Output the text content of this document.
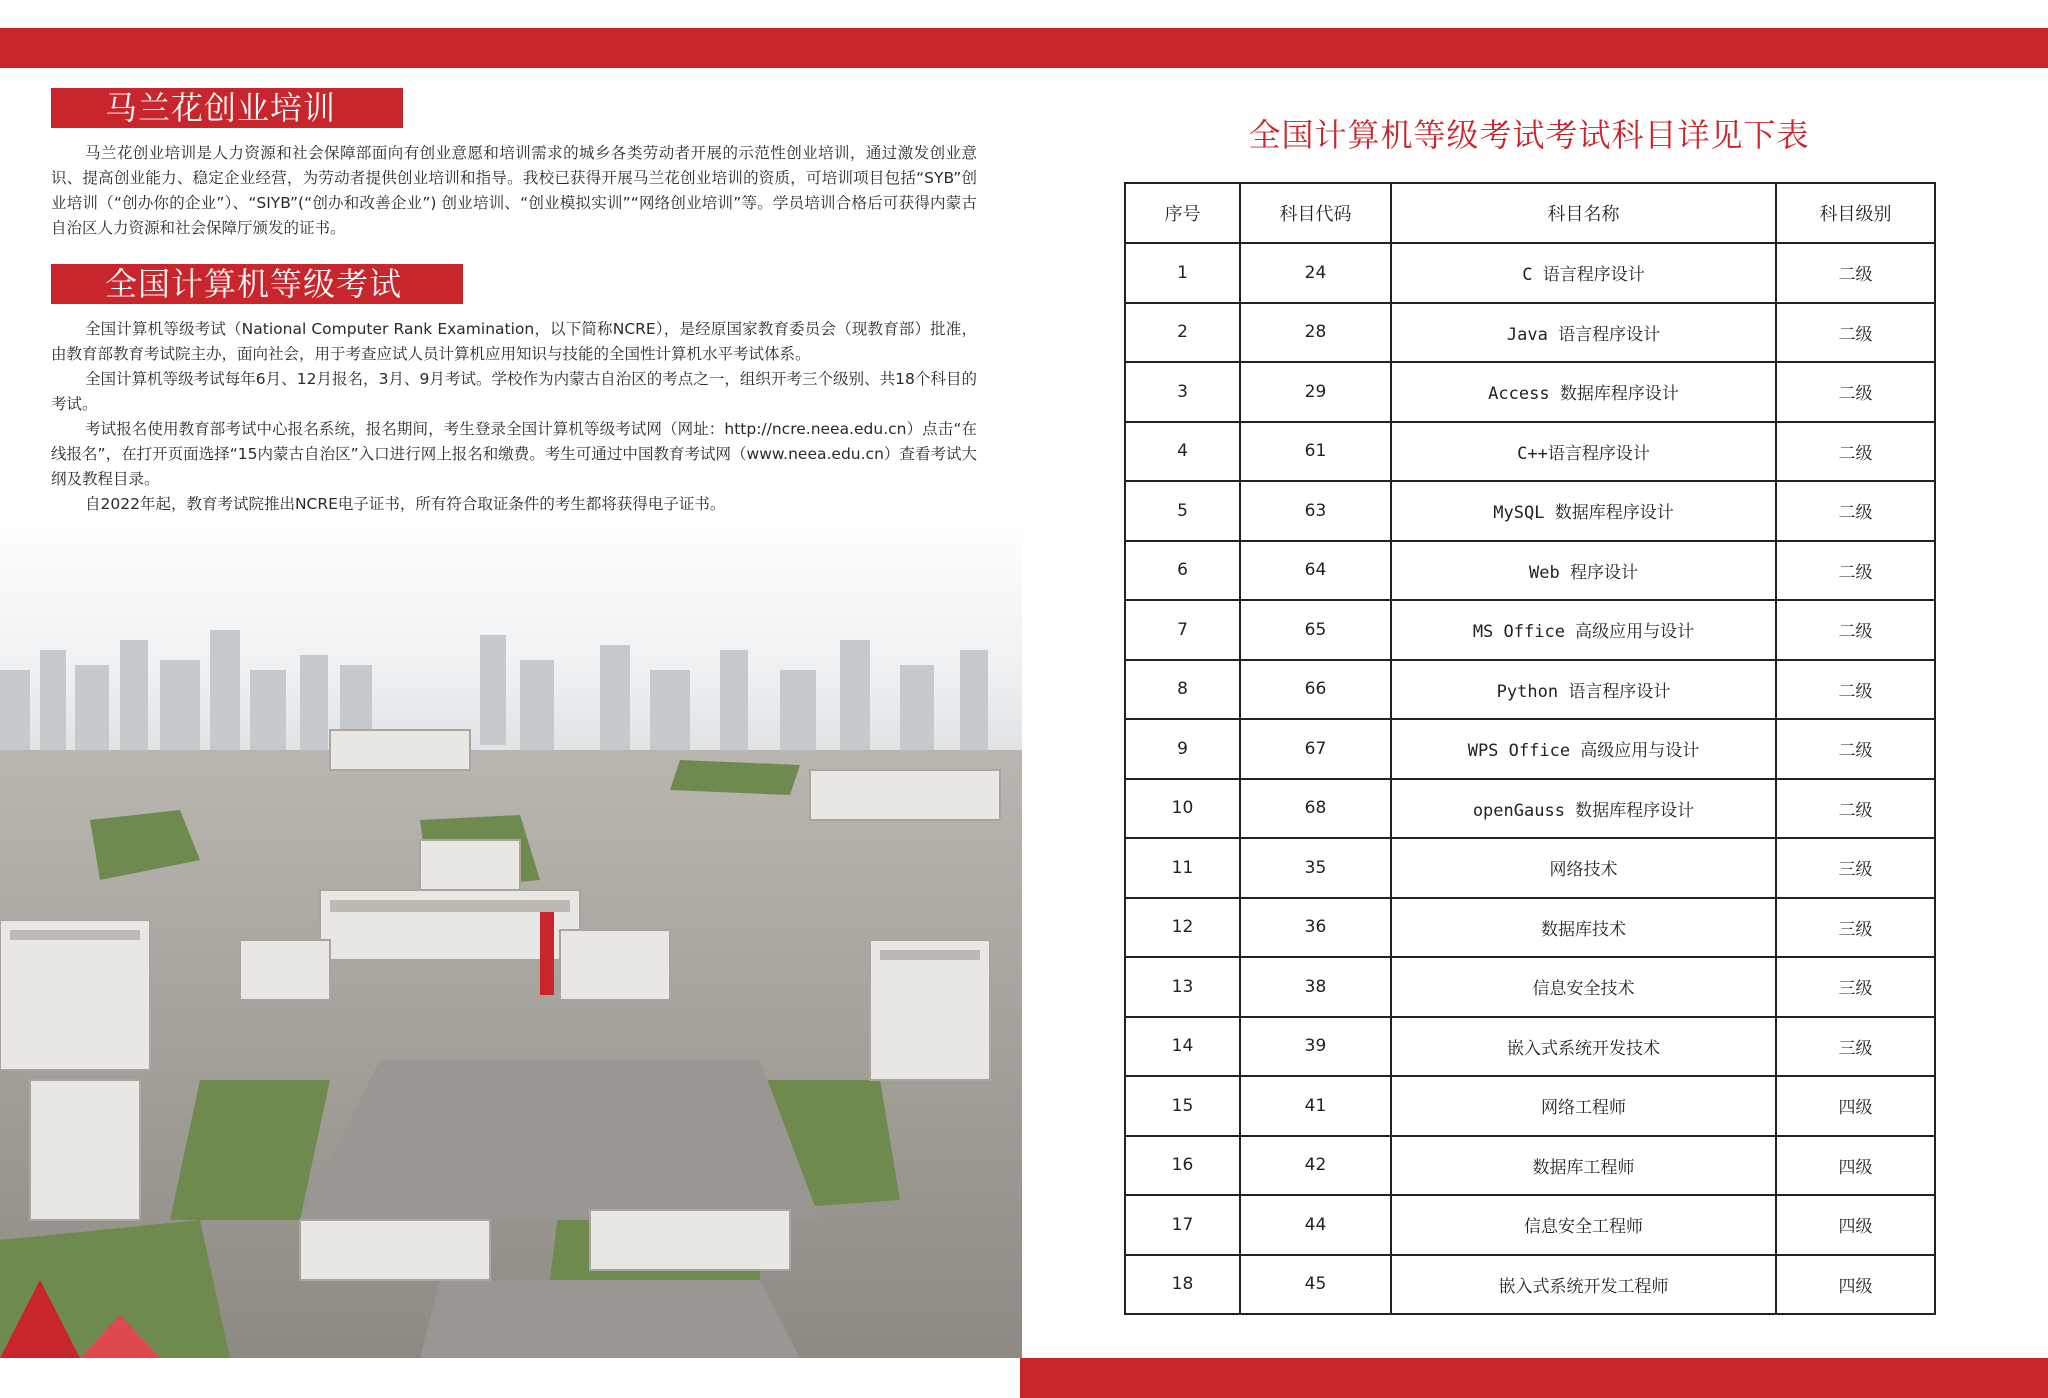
马兰花创业培训

马兰花创业培训是人力资源和社会保障部面向有创业意愿和培训需求的城乡各类劳动者开展的示范性创业培训，通过激发创业意识、提高创业能力、稳定企业经营，为劳动者提供创业培训和指导。我校已获得开展马兰花创业培训的资质，可培训项目包括“SYB”创业培训（“创办你的企业”）、“SIYB”(“创办和改善企业”) 创业培训、“创业模拟实训”“网络创业培训”等。学员培训合格后可获得内蒙古自治区人力资源和社会保障厅颁发的证书。

全国计算机等级考试
全国计算机等级考试（National Computer Rank Examination，以下简称NCRE），是经原国家教育委员会（现教育部）批准，由教育部教育考试院主办，面向社会，用于考查应试人员计算机应用知识与技能的全国性计算机水平考试体系。
全国计算机等级考试每年6月、12月报名，3月、9月考试。学校作为内蒙古自治区的考点之一，组织开考三个级别、共18个科目的考试。
考试报名使用教育部考试中心报名系统，报名期间，考生登录全国计算机等级考试网（网址：http://ncre.neea.edu.cn）点击“在线报名”，在打开页面选择“15内蒙古自治区”入口进行网上报名和缴费。考生可通过中国教育考试网（www.neea.edu.cn）查看考试大纲及教程目录。
自2022年起，教育考试院推出NCRE电子证书，所有符合取证条件的考生都将获得电子证书。
全国计算机等级考试考试科目详见下表
序号	科目代码	科目名称	科目级别
1	24	C 语言程序设计	二级
2	28	Java 语言程序设计	二级
3	29	Access 数据库程序设计	二级
4	61	C++语言程序设计	二级
5	63	MySQL 数据库程序设计	二级
6	64	Web 程序设计	二级
7	65	MS Office 高级应用与设计	二级
8	66	Python 语言程序设计	二级
9	67	WPS Office 高级应用与设计	二级
10	68	openGauss 数据库程序设计	二级
11	35	网络技术	三级
12	36	数据库技术	三级
13	38	信息安全技术	三级
14	39	嵌入式系统开发技术	三级
15	41	网络工程师	四级
16	42	数据库工程师	四级
17	44	信息安全工程师	四级
18	45	嵌入式系统开发工程师	四级
